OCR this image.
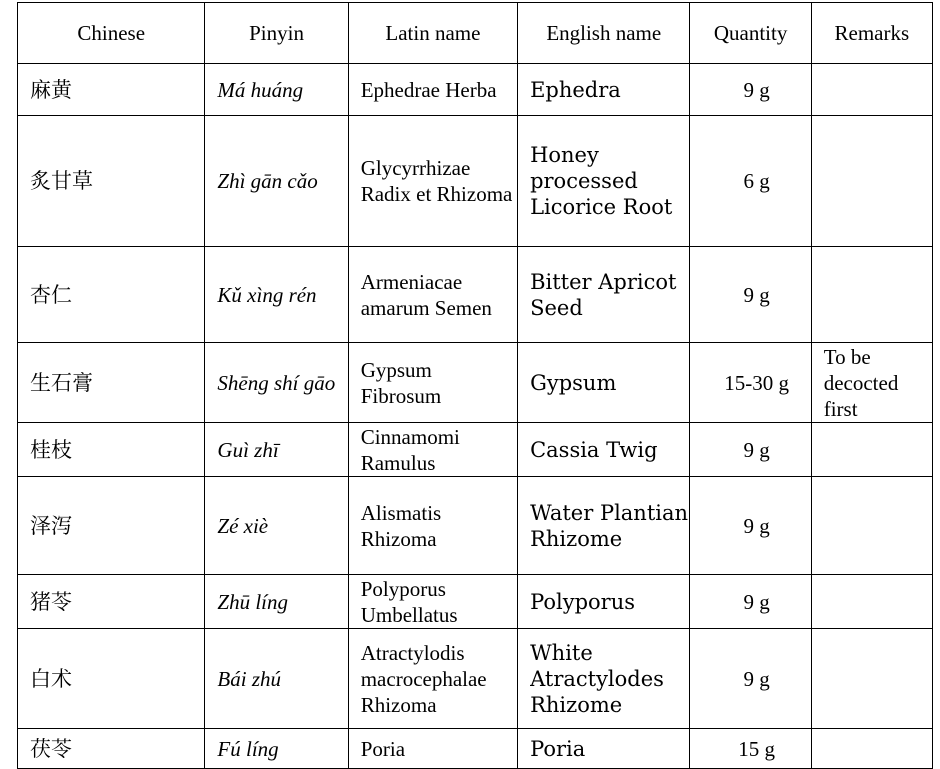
Chinese	Pinyin	Latin name	English name	Quantity	Remarks
麻黄	Má huáng	Ephedrae Herba	Ephedra	9 g	
炙甘草	Zhì gān cǎo	Glycyrrhizae Radix et Rhizoma	Honey processed Licorice Root	6 g	
杏仁	Kǔ xìng rén	Armeniacae amarum Semen	Bitter Apricot Seed	9 g	
生石膏	Shēng shí gāo	Gypsum Fibrosum	Gypsum	15-30 g	To be decocted first
桂枝	Guì zhī	Cinnamomi Ramulus	Cassia Twig	9 g	
泽泻	Zé xiè	Alismatis Rhizoma	Water Plantian Rhizome	9 g	
猪苓	Zhū líng	Polyporus Umbellatus	Polyporus	9 g	
白术	Bái zhú	Atractylodis macrocephalae Rhizoma	White Atractylodes Rhizome	9 g	
茯苓	Fú líng	Poria	Poria	15 g	
